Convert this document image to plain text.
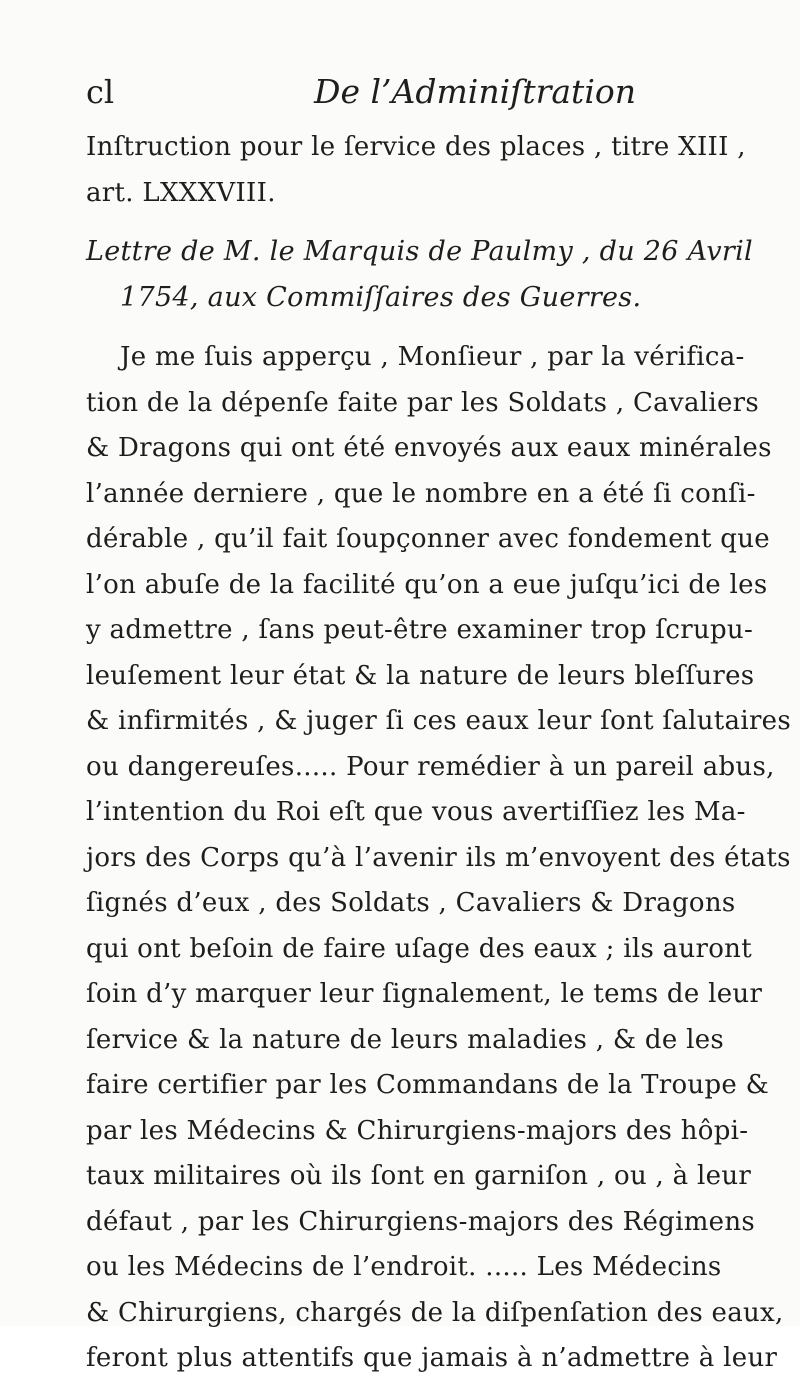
cl	De l’Adminiſtration
Inſtruction pour le ſervice des places , titre XIII ,
art. LXXXVIII.
Lettre de M. le Marquis de Paulmy , du 26 Avril
1754, aux Commiſſaires des Guerres.
Je me ſuis apperçu , Monſieur , par la vérifica-
tion de la dépenſe faite par les Soldats , Cavaliers
& Dragons qui ont été envoyés aux eaux minérales
l’année derniere , que le nombre en a été ſi conſi-
dérable , qu’il fait ſoupçonner avec fondement que
l’on abuſe de la facilité qu’on a eue juſqu’ici de les
y admettre , ſans peut-être examiner trop ſcrupu-
leuſement leur état & la nature de leurs bleſſures
& infirmités , & juger ſi ces eaux leur ſont ſalutaires
ou dangereuſes..... Pour remédier à un pareil abus,
l’intention du Roi eſt que vous avertiſſiez les Ma-
jors des Corps qu’à l’avenir ils m’envoyent des états
ſignés d’eux , des Soldats , Cavaliers & Dragons
qui ont beſoin de faire uſage des eaux ; ils auront
ſoin d’y marquer leur ſignalement, le tems de leur
ſervice & la nature de leurs maladies , & de les
faire certifier par les Commandans de la Troupe &
par les Médecins & Chirurgiens-majors des hôpi-
taux militaires où ils ſont en garniſon , ou , à leur
défaut , par les Chirurgiens-majors des Régimens
ou les Médecins de l’endroit. ..... Les Médecins
& Chirurgiens, chargés de la diſpenſation des eaux,
feront plus attentifs que jamais à n’admettre à leur
